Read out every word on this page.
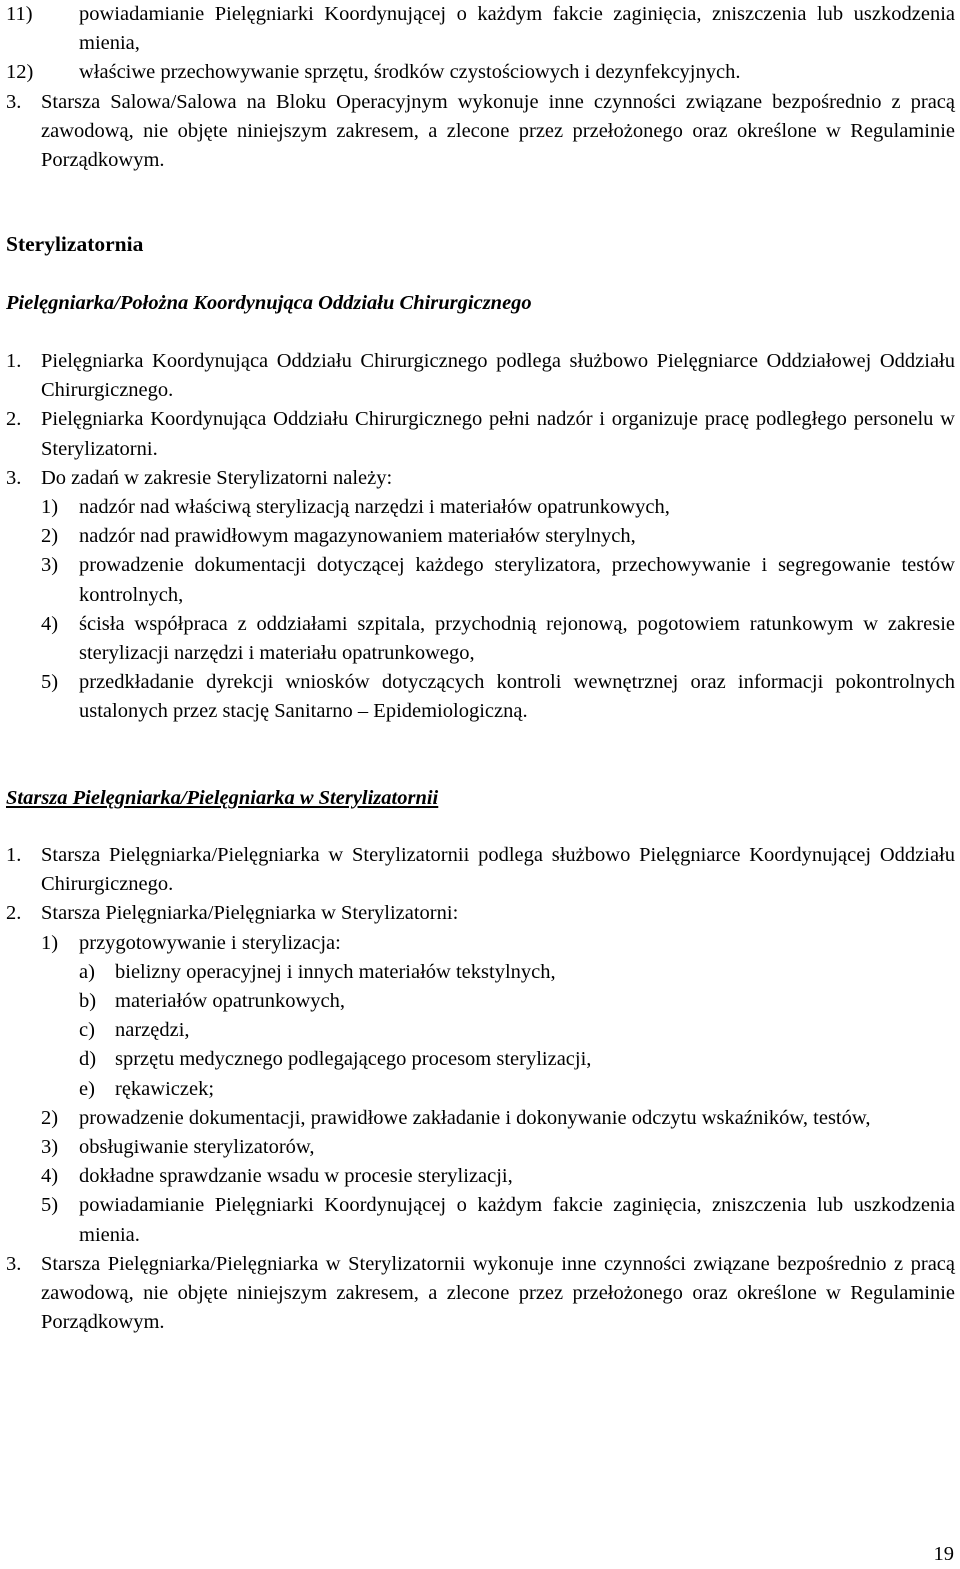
11)	powiadamianie Pielęgniarki Koordynującej o każdym fakcie zaginięcia, zniszczenia lub uszkodzenia mienia,
12)	właściwe przechowywanie sprzętu, środków czystościowych i dezynfekcyjnych.
3. Starsza Salowa/Salowa na Bloku Operacyjnym wykonuje inne czynności związane bezpośrednio z pracą zawodową, nie objęte niniejszym zakresem, a zlecone przez przełożonego oraz określone w Regulaminie Porządkowym.
Sterylizatornia
Pielęgniarka/Położna Koordynująca Oddziału Chirurgicznego
1. Pielęgniarka Koordynująca Oddziału Chirurgicznego podlega służbowo Pielęgniarce Oddziałowej Oddziału Chirurgicznego.
2. Pielęgniarka Koordynująca Oddziału Chirurgicznego pełni nadzór i organizuje pracę podległego personelu w Sterylizatorni.
3. Do zadań w zakresie Sterylizatorni należy:
1)	nadzór nad właściwą sterylizacją narzędzi i materiałów opatrunkowych,
2)	nadzór nad prawidłowym magazynowaniem materiałów sterylnych,
3)	prowadzenie dokumentacji dotyczącej każdego sterylizatora, przechowywanie i segregowanie testów kontrolnych,
4)	ścisła współpraca z oddziałami szpitala, przychodnią rejonową, pogotowiem ratunkowym w zakresie sterylizacji narzędzi i materiału opatrunkowego,
5)	przedkładanie dyrekcji wniosków dotyczących kontroli wewnętrznej oraz informacji pokontrolnych ustalonych przez stację Sanitarno – Epidemiologiczną.
Starsza Pielęgniarka/Pielęgniarka w Sterylizatornii
1. Starsza Pielęgniarka/Pielęgniarka w Sterylizatornii podlega służbowo Pielęgniarce Koordynującej Oddziału Chirurgicznego.
2. Starsza Pielęgniarka/Pielęgniarka w Sterylizatorni:
1)	przygotowywanie i sterylizacja:
a) bielizny operacyjnej i innych materiałów tekstylnych,
b) materiałów opatrunkowych,
c) narzędzi,
d) sprzętu medycznego podlegającego procesom sterylizacji,
e) rękawiczek;
2)	prowadzenie dokumentacji, prawidłowe zakładanie i dokonywanie odczytu wskaźników, testów,
3)	obsługiwanie sterylizatorów,
4)	dokładne sprawdzanie wsadu w procesie sterylizacji,
5)	powiadamianie Pielęgniarki Koordynującej o każdym fakcie zaginięcia, zniszczenia lub uszkodzenia mienia.
3. Starsza Pielęgniarka/Pielęgniarka w Sterylizatornii wykonuje inne czynności związane bezpośrednio z pracą zawodową, nie objęte niniejszym zakresem, a zlecone przez przełożonego oraz określone w Regulaminie Porządkowym.
19
